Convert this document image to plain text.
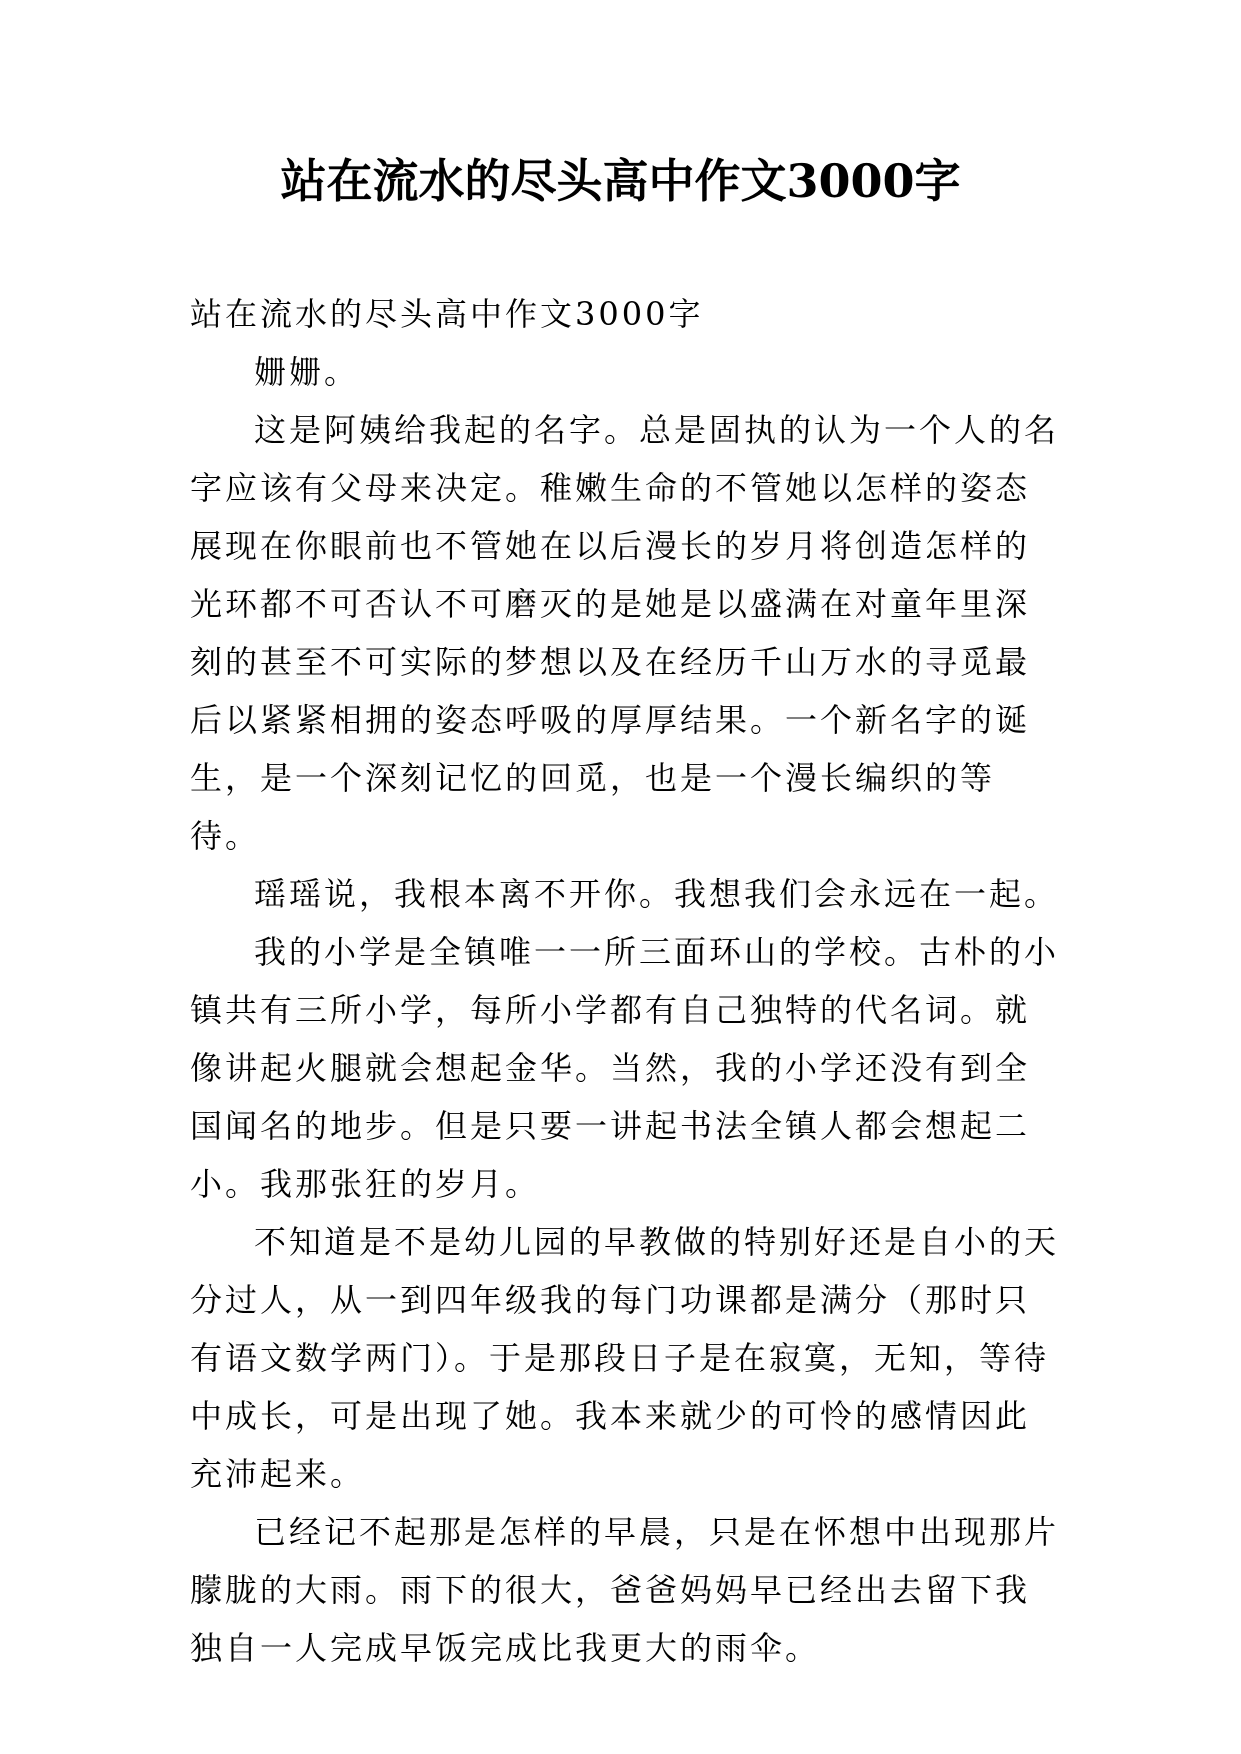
站在流水的尽头高中作文3000字

站在流水的尽头高中作文3000字

姗姗。

这是阿姨给我起的名字。总是固执的认为一个人的名字应该有父母来决定。稚嫩生命的不管她以怎样的姿态展现在你眼前也不管她在以后漫长的岁月将创造怎样的光环都不可否认不可磨灭的是她是以盛满在对童年里深刻的甚至不可实际的梦想以及在经历千山万水的寻觅最后以紧紧相拥的姿态呼吸的厚厚结果。一个新名字的诞生，是一个深刻记忆的回觅，也是一个漫长编织的等待。

瑶瑶说，我根本离不开你。我想我们会永远在一起。

我的小学是全镇唯一一所三面环山的学校。古朴的小镇共有三所小学，每所小学都有自己独特的代名词。就像讲起火腿就会想起金华。当然，我的小学还没有到全国闻名的地步。但是只要一讲起书法全镇人都会想起二小。我那张狂的岁月。

不知道是不是幼儿园的早教做的特别好还是自小的天分过人，从一到四年级我的每门功课都是满分（那时只有语文数学两门）。于是那段日子是在寂寞，无知，等待中成长，可是出现了她。我本来就少的可怜的感情因此充沛起来。

已经记不起那是怎样的早晨，只是在怀想中出现那片朦胧的大雨。雨下的很大，爸爸妈妈早已经出去留下我独自一人完成早饭完成比我更大的雨伞。
